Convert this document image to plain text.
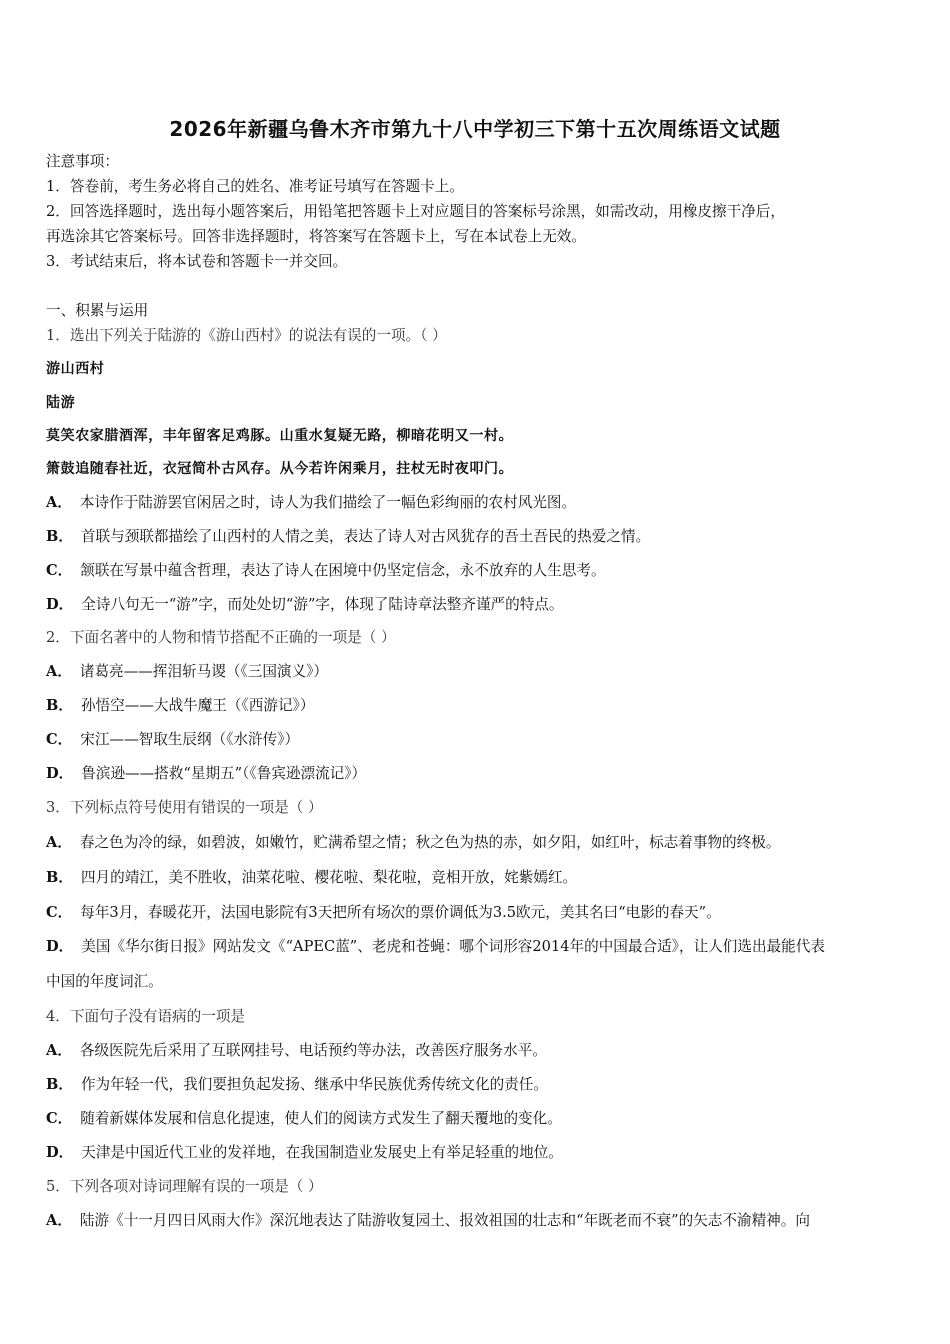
2026年新疆乌鲁木齐市第九十八中学初三下第十五次周练语文试题
注意事项：
1．答卷前，考生务必将自己的姓名、准考证号填写在答题卡上。
2．回答选择题时，选出每小题答案后，用铅笔把答题卡上对应题目的答案标号涂黑，如需改动，用橡皮擦干净后，
再选涂其它答案标号。回答非选择题时，将答案写在答题卡上，写在本试卷上无效。
3．考试结束后，将本试卷和答题卡一并交回。
一、积累与运用
1．选出下列关于陆游的《游山西村》的说法有误的一项。（ ）
游山西村
陆游
莫笑农家腊酒浑，丰年留客足鸡豚。山重水复疑无路，柳暗花明又一村。
箫鼓追随春社近，衣冠简朴古风存。从今若许闲乘月，拄杖无时夜叩门。
A． 本诗作于陆游罢官闲居之时，诗人为我们描绘了一幅色彩绚丽的农村风光图。
B． 首联与颈联都描绘了山西村的人情之美，表达了诗人对古风犹存的吾土吾民的热爱之情。
C． 颔联在写景中蕴含哲理，表达了诗人在困境中仍坚定信念，永不放弃的人生思考。
D． 全诗八句无一“游”字，而处处切“游”字，体现了陆诗章法整齐谨严的特点。
2．下面名著中的人物和情节搭配不正确的一项是（ ）
A． 诸葛亮——挥泪斩马谡（《三国演义》）
B． 孙悟空——大战牛魔王（《西游记》）
C． 宋江——智取生辰纲（《水浒传》）
D． 鲁滨逊——搭救“星期五”（《鲁宾逊漂流记》）
3．下列标点符号使用有错误的一项是（ ）
A． 春之色为冷的绿，如碧波，如嫩竹，贮满希望之情；秋之色为热的赤，如夕阳，如红叶，标志着事物的终极。
B． 四月的靖江，美不胜收，油菜花啦、樱花啦、梨花啦，竞相开放，姹紫嫣红。
C． 每年3月，春暖花开，法国电影院有3天把所有场次的票价调低为3.5欧元，美其名曰“电影的春天”。
D． 美国《华尔街日报》网站发文《“APEC蓝”、老虎和苍蝇：哪个词形容2014年的中国最合适》，让人们选出最能代表
中国的年度词汇。
4．下面句子没有语病的一项是
A． 各级医院先后采用了互联网挂号、电话预约等办法，改善医疗服务水平。
B． 作为年轻一代，我们要担负起发扬、继承中华民族优秀传统文化的责任。
C． 随着新媒体发展和信息化提速，使人们的阅读方式发生了翻天覆地的变化。
D． 天津是中国近代工业的发祥地，在我国制造业发展史上有举足轻重的地位。
5．下列各项对诗词理解有误的一项是（ ）
A． 陆游《十一月四日风雨大作》深沉地表达了陆游收复园土、报效祖国的壮志和“年既老而不衰”的矢志不渝精神。向
